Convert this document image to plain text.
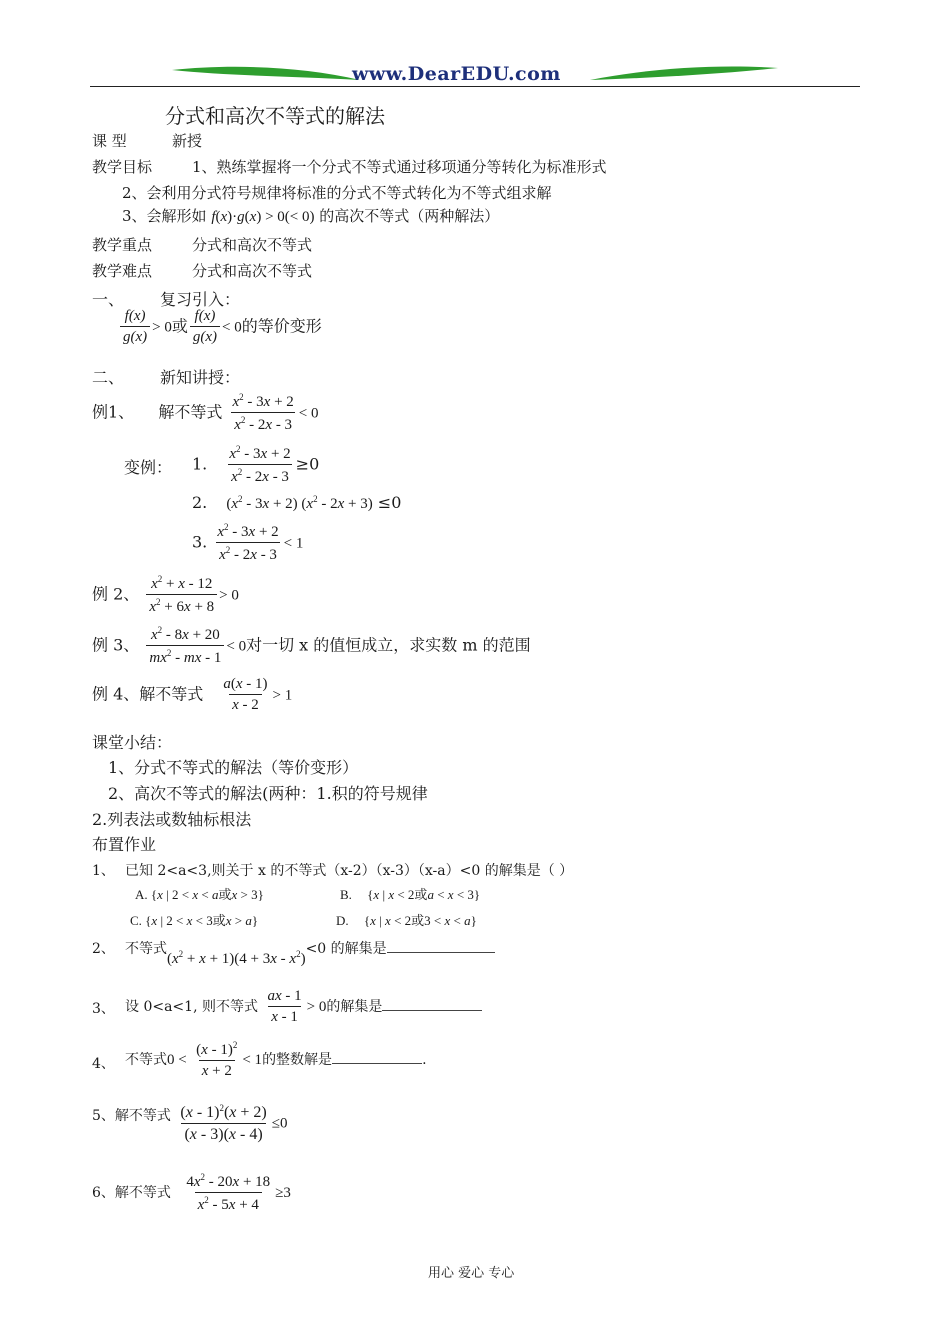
www.DearEDU.com
分式和高次不等式的解法
课 型	新授
教学目标	1、熟练掌握将一个分式不等式通过移项通分等转化为标准形式
2、会利用分式符号规律将标准的分式不等式转化为不等式组求解
3、会解形如 f(x)·g(x) > 0(< 0) 的高次不等式（两种解法）
教学重点	分式和高次不等式
教学难点	分式和高次不等式
一、 复习引入：
$\frac{f(x)}{g(x)} > 0$或 $\frac{f(x)}{g(x)} < 0$的等价变形
二、 新知讲授：
例1、 解不等式 $\frac{x^2 - 3x + 2}{x^2 - 2x - 3} < 0$
变例： 1. $\frac{x^2 - 3x + 2}{x^2 - 2x - 3} \ge 0$
2. $(x^2 - 3x + 2)$ $(x^2 - 2x + 3) \le 0$
3. $\frac{x^2 - 3x + 2}{x^2 - 2x - 3} < 1$
例 2、 $\frac{x^2 + x - 12}{x^2 + 6x + 8} > 0$
例 3、 $\frac{x^2 - 8x + 20}{mx^2 - mx - 1} < 0$对一切 x 的值恒成立，求实数 m 的范围
例 4、解不等式 $\frac{a(x - 1)}{x - 2} > 1$
课堂小结：
1、分式不等式的解法（等价变形）
2、高次不等式的解法(两种：1.积的符号规律
2.列表法或数轴标根法
布置作业
1、 已知 2<a<3,则关于 x 的不等式（x-2）（x-3）（x-a）<0 的解集是（ ）
A. {x | 2 < x < a或x > 3}	B. {x | x < 2或a < x < 3}
C. {x | 2 < x < 3或x > a}	D. {x | x < 2或3 < x < a}
2、 不等式$(x^2 + x + 1)(4 + 3x - x^2)<0$ 的解集是
3、 设 0<a<1, 则不等式 $\frac{ax - 1}{x - 1} > 0$的解集是
4、 不等式$0 < \frac{(x - 1)^2}{x + 2} < 1$的整数解是	.
5、解不等式 $\frac{(x - 1)^2(x + 2)}{(x - 3)(x - 4)} \le 0$
6、解不等式 $\frac{4x^2 - 20x + 18}{x^2 - 5x + 4} \ge 3$
用心 爱心 专心
